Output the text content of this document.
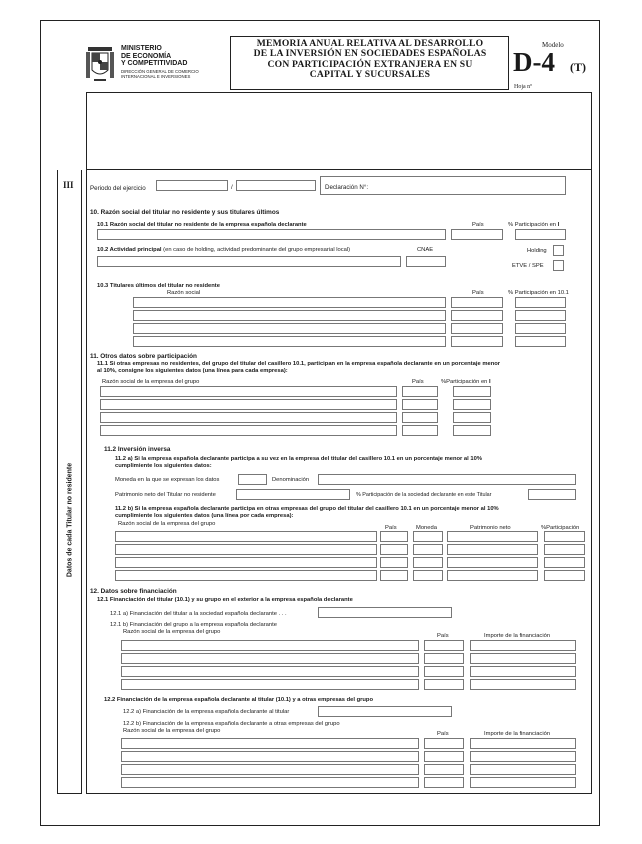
MINISTERIO
DE ECONOMÍA
Y COMPETITIVIDAD
DIRECCIÓN GENERAL DE COMERCIO
INTERNACIONAL E INVERSIONES
MEMORIA ANUAL RELATIVA AL DESARROLLO
DE LA INVERSIÓN EN SOCIEDADES ESPAÑOLAS
CON PARTICIPACIÓN EXTRANJERA EN SU
CAPITAL Y SUCURSALES
Modelo
D-4 (T)
Hoja nº
III
Datos de cada Titular no residente
Periodo del ejercicio	/	Declaración N°:
10. Razón social del titular no residente y sus titulares últimos
10.1 Razón social del titular no residente de la empresa española declarante	País	% Participación en I
10.2 Actividad principal (en caso de holding, actividad predominante del grupo empresarial local)	CNAE	Holding
ETVE / SPE
10.3 Titulares últimos del titular no residente
Razón social	País	% Participación en 10.1
11. Otros datos sobre participación
11.1 Si otras empresas no residentes, del grupo del titular del casillero 10.1, participan en la empresa española declarante en un porcentaje menor
al 10%, consigne los siguientes datos (una línea para cada empresa):
Razón social de la empresa del grupo	País	%Participación en I
11.2 Inversión inversa
11.2 a) Si la empresa española declarante participa a su vez en la empresa del titular del casillero 10.1 en un porcentaje menor al 10%
cumplimiente los siguientes datos:
Moneda en la que se expresan los datos	Denominación
Patrimonio neto del Titular no residente	% Participación de la sociedad declarante en este Titular
11.2 b) Si la empresa española declarante participa en otras empresas del grupo del titular del casillero 10.1 en un porcentaje menor al 10%
cumplimiente los siguientes datos (una línea por cada empresa):
Razón social de la empresa del grupo
País	Moneda	Patrimonio neto	%Participación
12. Datos sobre financiación
12.1 Financiación del titular (10.1) y su grupo en el exterior a la empresa española declarante
12.1 a) Financiación del titular a la sociedad española declarante . . .
12.1 b) Financiación del grupo a la empresa española declarante
Razón social de la empresa del grupo
País	Importe de la financiación
12.2 Financiación de la empresa española declarante al titular (10.1) y a otras empresas del grupo
12.2 a) Financiación de la empresa española declarante al titular
12.2 b) Financiación de la empresa española declarante a otras empresas del grupo
Razón social de la empresa del grupo	País	Importe de la financiación
